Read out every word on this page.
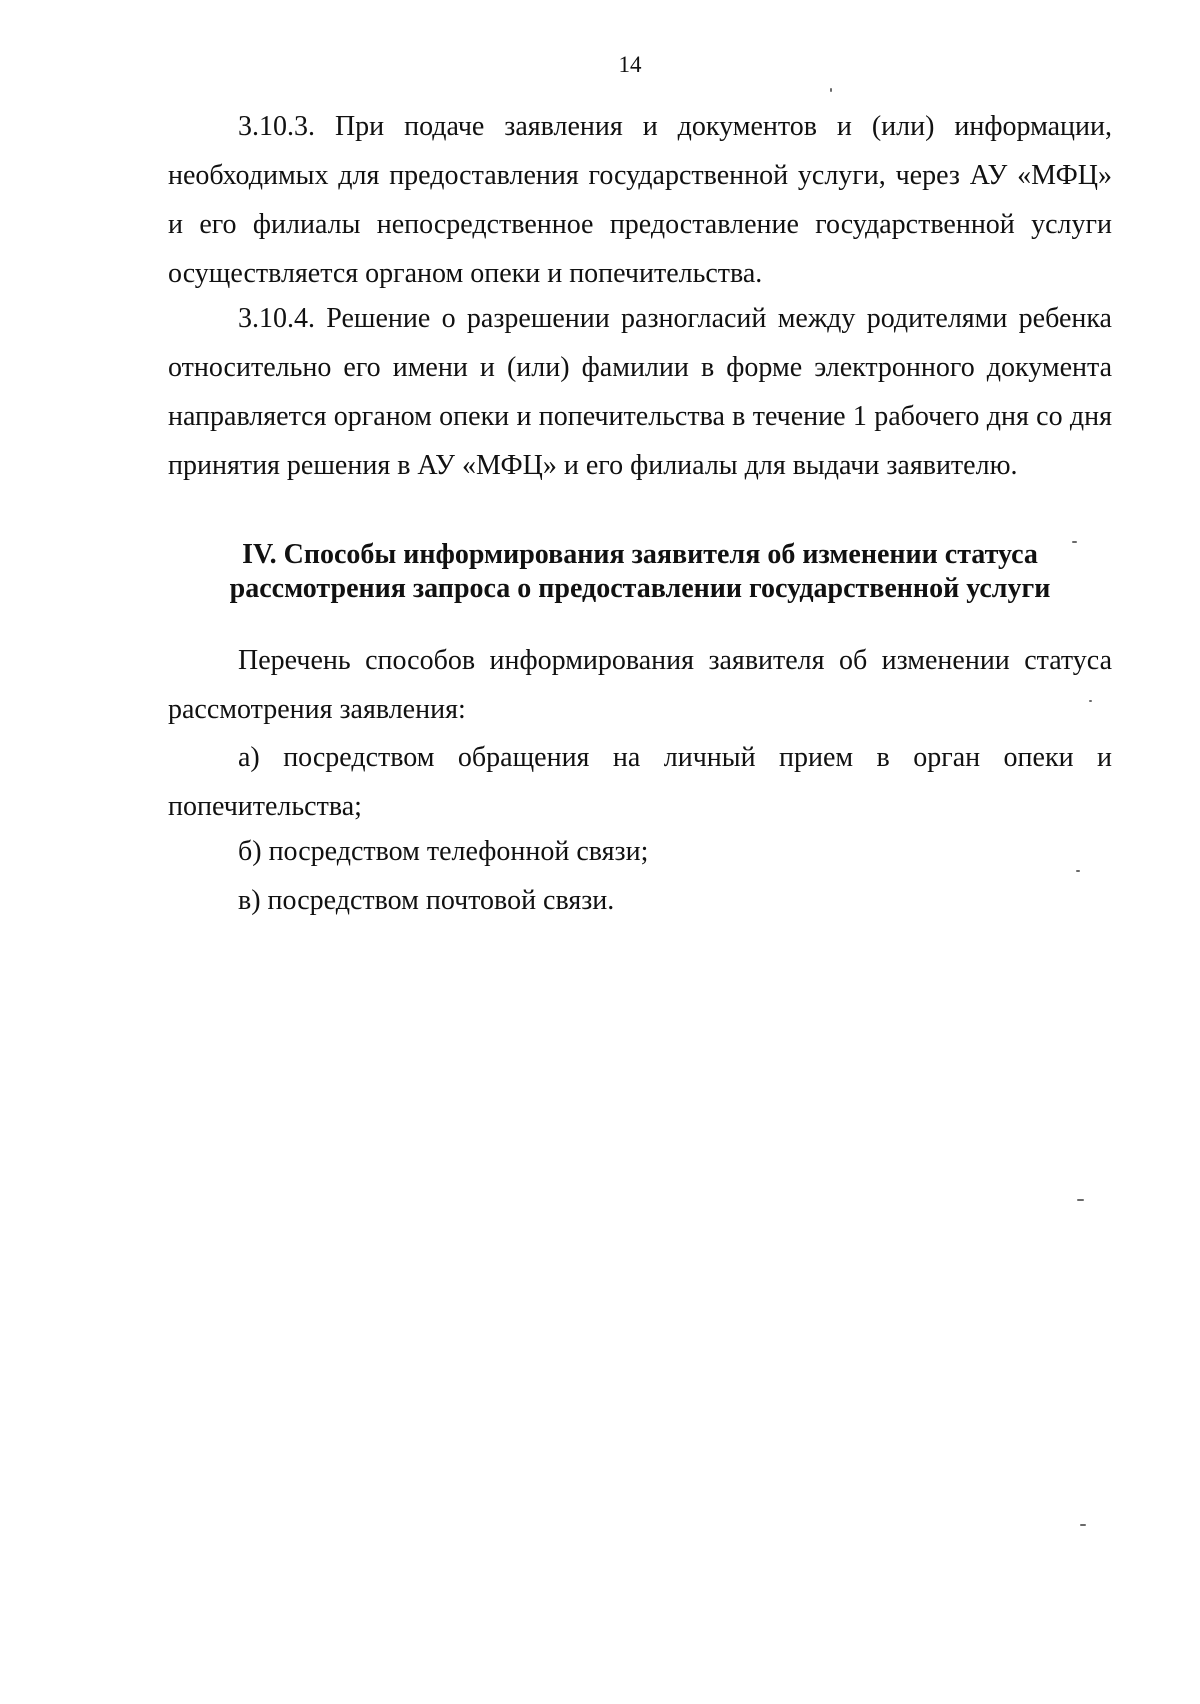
14

3.10.3. При подаче заявления и документов и (или) информации, необходимых для предоставления государственной услуги, через АУ «МФЦ» и его филиалы непосредственное предоставление государственной услуги осуществляется органом опеки и попечительства.

3.10.4. Решение о разрешении разногласий между родителями ребенка относительно его имени и (или) фамилии в форме электронного документа направляется органом опеки и попечительства в течение 1 рабочего дня со дня принятия решения в АУ «МФЦ» и его филиалы для выдачи заявителю.

IV. Способы информирования заявителя об изменении статуса
рассмотрения запроса о предоставлении государственной услуги

Перечень способов информирования заявителя об изменении статуса рассмотрения заявления:

а) посредством обращения на личный прием в орган опеки и попечительства;

б) посредством телефонной связи;

в) посредством почтовой связи.
